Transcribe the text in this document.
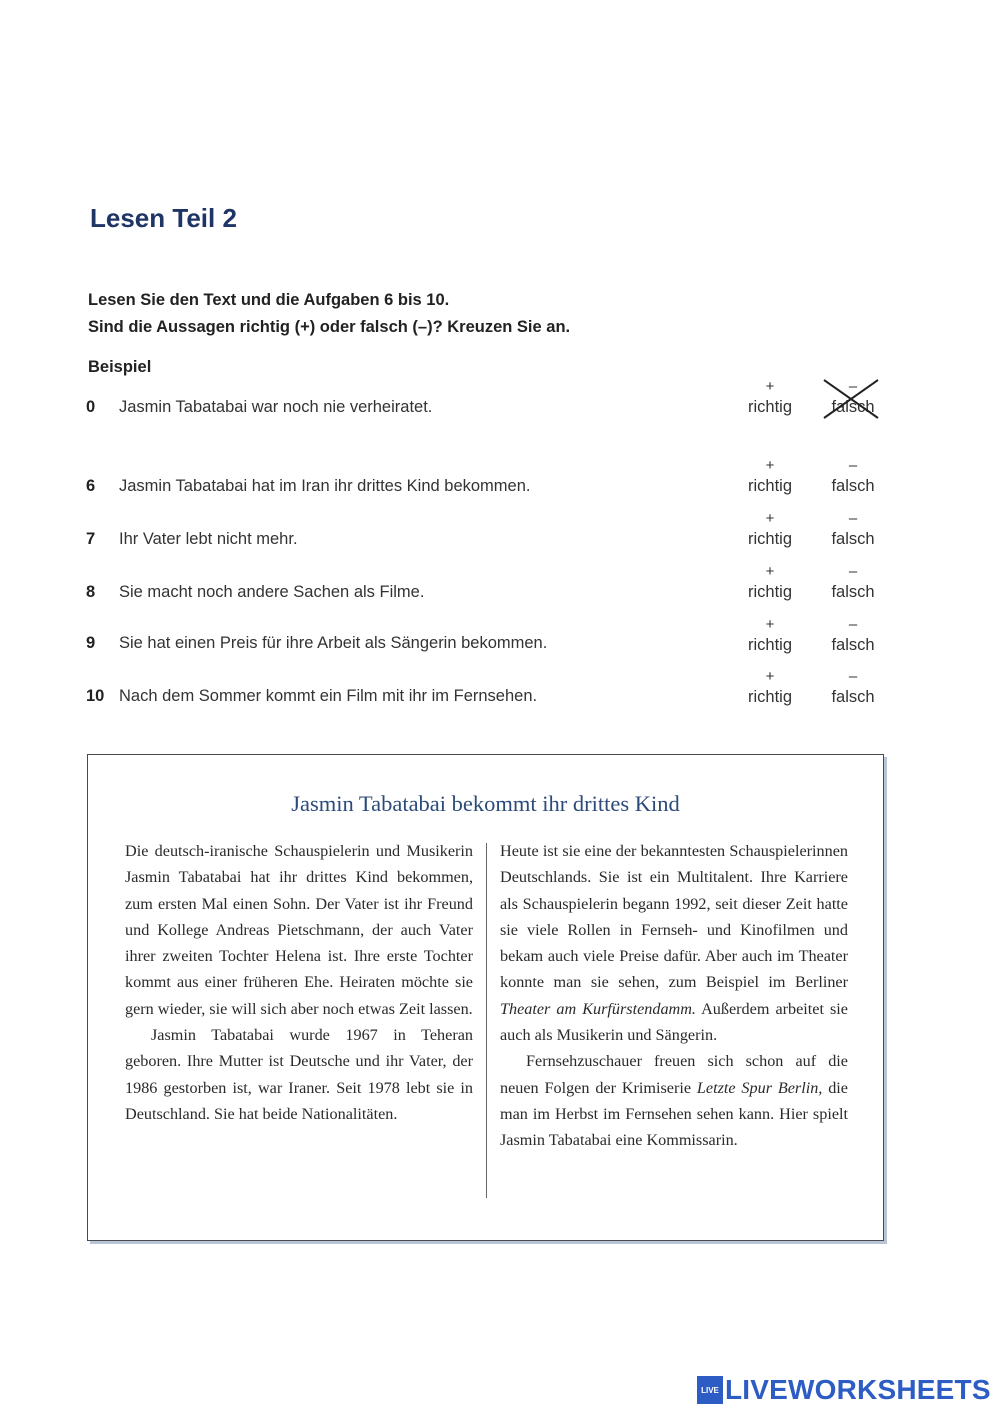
Lesen Teil 2
Lesen Sie den Text und die Aufgaben 6 bis 10.
Sind die Aussagen richtig (+) oder falsch (–)? Kreuzen Sie an.
Beispiel
0 Jasmin Tabatabai war noch nie verheiratet.
+
richtig
–
falsch
6 Jasmin Tabatabai hat im Iran ihr drittes Kind bekommen.
+
richtig
–
falsch
7 Ihr Vater lebt nicht mehr.
+
richtig
–
falsch
8 Sie macht noch andere Sachen als Filme.
+
richtig
–
falsch
9 Sie hat einen Preis für ihre Arbeit als Sängerin bekommen.
+
richtig
–
falsch
10 Nach dem Sommer kommt ein Film mit ihr im Fernsehen.
+
richtig
–
falsch
Jasmin Tabatabai bekommt ihr drittes Kind

Die deutsch-iranische Schauspielerin und Musikerin Jasmin Tabatabai hat ihr drittes Kind bekommen, zum ersten Mal einen Sohn. Der Vater ist ihr Freund und Kollege Andreas Pietschmann, der auch Vater ihrer zweiten Tochter Helena ist. Ihre erste Tochter kommt aus einer früheren Ehe. Heiraten möchte sie gern wieder, sie will sich aber noch etwas Zeit lassen.

Jasmin Tabatabai wurde 1967 in Teheran geboren. Ihre Mutter ist Deutsche und ihr Vater, der 1986 gestorben ist, war Iraner. Seit 1978 lebt sie in Deutschland. Sie hat beide Nationalitäten.

Heute ist sie eine der bekanntesten Schauspielerinnen Deutschlands. Sie ist ein Multitalent. Ihre Karriere als Schauspielerin begann 1992, seit dieser Zeit hatte sie viele Rollen in Fernseh- und Kinofilmen und bekam auch viele Preise dafür. Aber auch im Theater konnte man sie sehen, zum Beispiel im Berliner Theater am Kurfürstendamm. Außerdem arbeitet sie auch als Musikerin und Sängerin.

Fernsehzuschauer freuen sich schon auf die neuen Folgen der Krimiserie Letzte Spur Berlin, die man im Herbst im Fernsehen sehen kann. Hier spielt Jasmin Tabatabai eine Kommissarin.

LIVE LIVEWORKSHEETS
